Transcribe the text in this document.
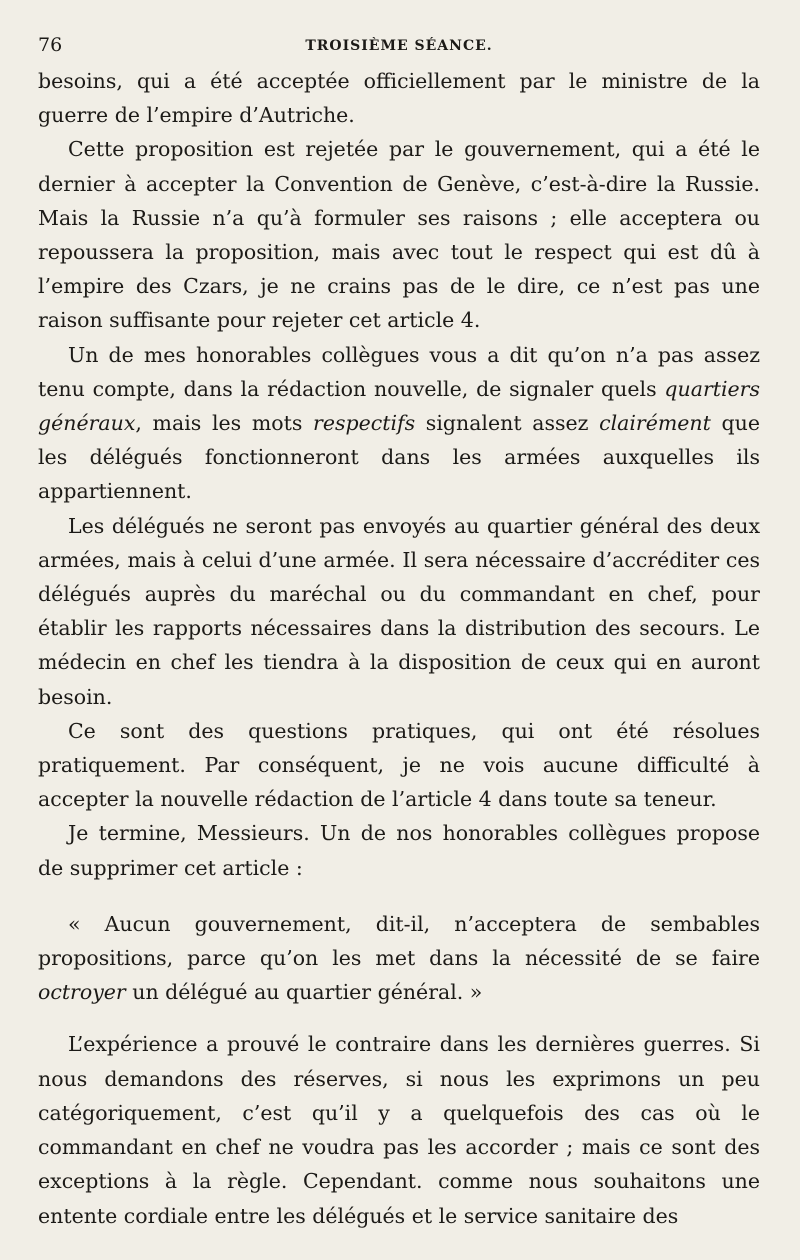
76	TROISIÈME SÉANCE.

besoins, qui a été acceptée officiellement par le ministre de la guerre de l’empire d’Autriche.

Cette proposition est rejetée par le gouvernement, qui a été le dernier à accepter la Convention de Genève, c’est-à-dire la Russie. Mais la Russie n’a qu’à formuler ses raisons ; elle acceptera ou repoussera la proposition, mais avec tout le respect qui est dû à l’empire des Czars, je ne crains pas de le dire, ce n’est pas une raison suffisante pour rejeter cet article 4.

Un de mes honorables collègues vous a dit qu’on n’a pas assez tenu compte, dans la rédaction nouvelle, de signaler quels quartiers généraux, mais les mots respectifs signalent assez clairément que les délégués fonctionneront dans les armées auxquelles ils appartiennent.

Les délégués ne seront pas envoyés au quartier général des deux armées, mais à celui d’une armée. Il sera nécessaire d’accréditer ces délégués auprès du maréchal ou du commandant en chef, pour établir les rapports nécessaires dans la distribution des secours. Le médecin en chef les tiendra à la disposition de ceux qui en auront besoin.

Ce sont des questions pratiques, qui ont été résolues pratiquement. Par conséquent, je ne vois aucune difficulté à accepter la nouvelle rédaction de l’article 4 dans toute sa teneur.

Je termine, Messieurs. Un de nos honorables collègues propose de supprimer cet article :

« Aucun gouvernement, dit-il, n’acceptera de sembables propositions, parce qu’on les met dans la nécessité de se faire octroyer un délégué au quartier général. »

L’expérience a prouvé le contraire dans les dernières guerres. Si nous demandons des réserves, si nous les exprimons un peu catégoriquement, c’est qu’il y a quelquefois des cas où le commandant en chef ne voudra pas les accorder ; mais ce sont des exceptions à la règle. Cependant. comme nous souhaitons une entente cordiale entre les délégués et le service sanitaire des
